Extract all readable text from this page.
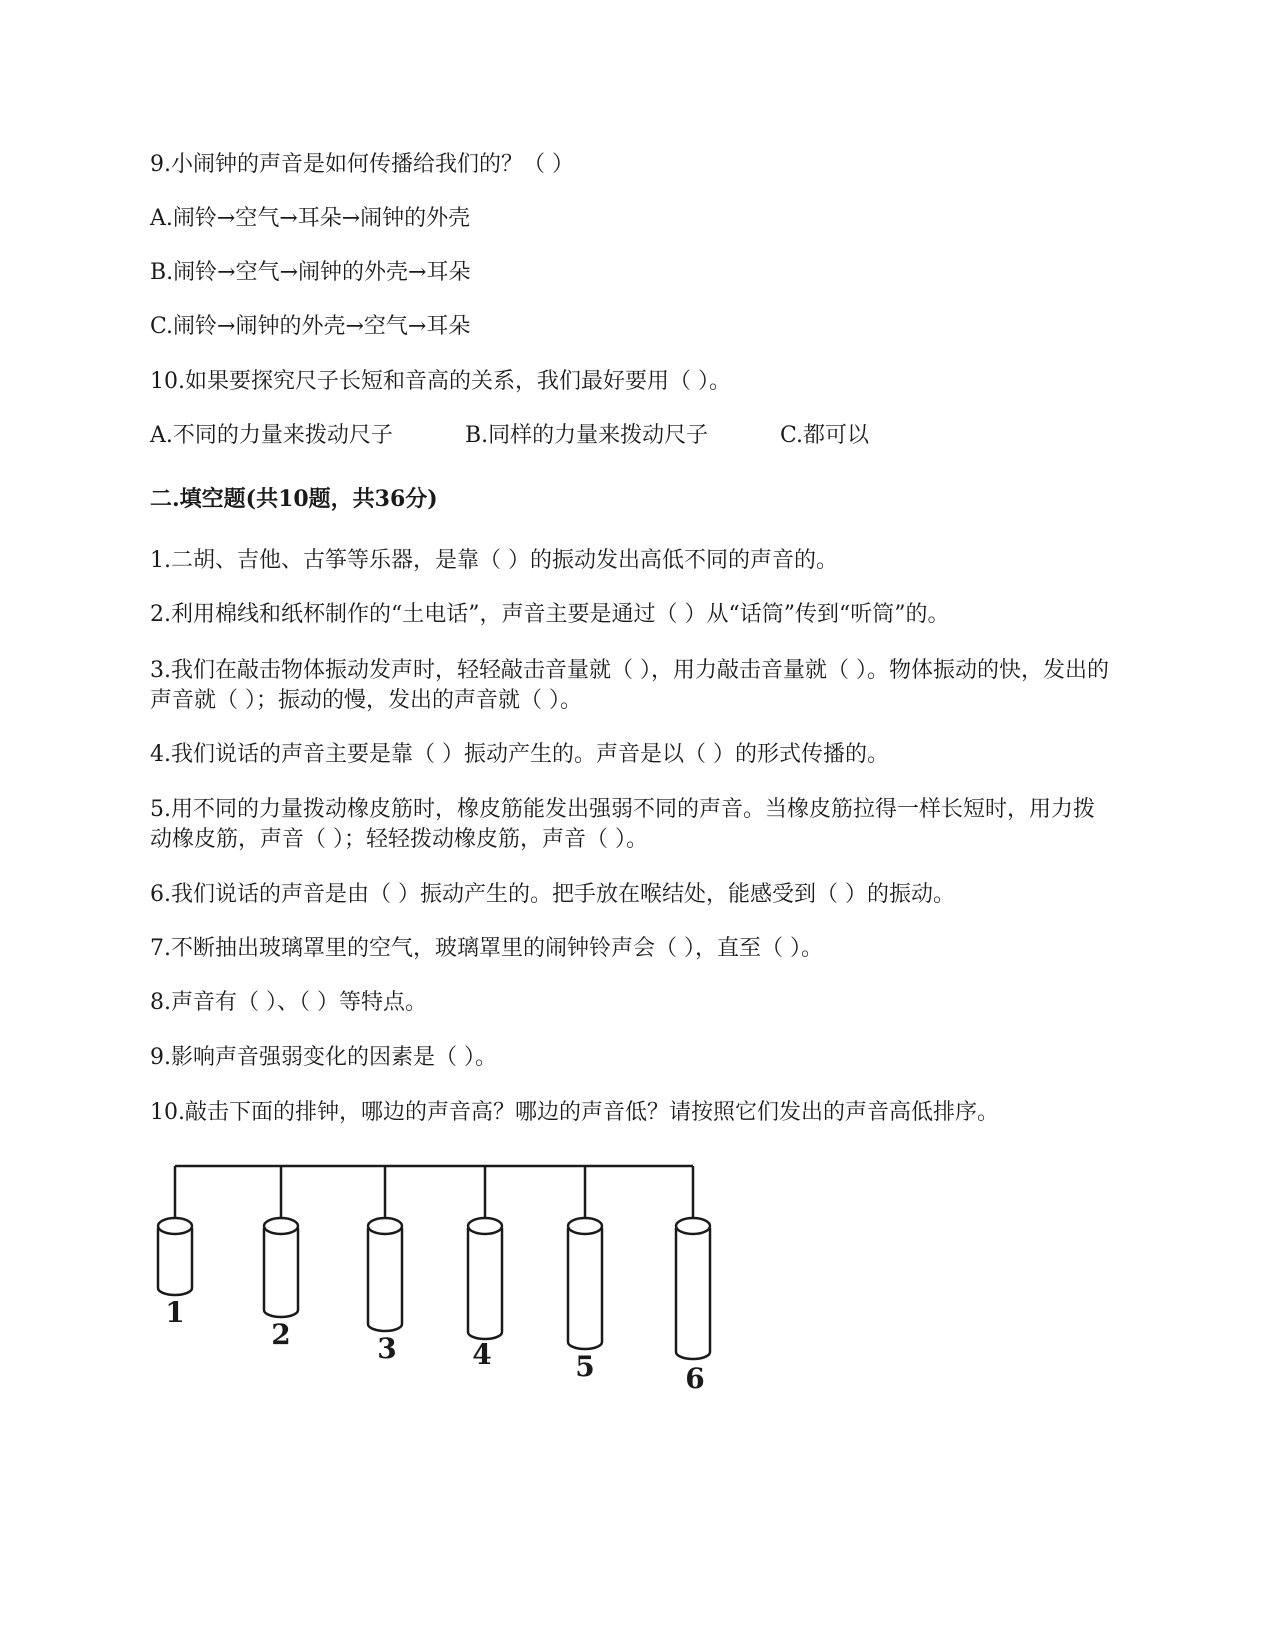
9.小闹钟的声音是如何传播给我们的？（ ）
A.闹铃→空气→耳朵→闹钟的外壳
B.闹铃→空气→闹钟的外壳→耳朵
C.闹铃→闹钟的外壳→空气→耳朵
10.如果要探究尺子长短和音高的关系，我们最好要用（ ）。
A.不同的力量来拨动尺子	B.同样的力量来拨动尺子	C.都可以
二.填空题(共10题，共36分)
1.二胡、吉他、古筝等乐器，是靠（ ）的振动发出高低不同的声音的。
2.利用棉线和纸杯制作的“土电话”，声音主要是通过（ ）从“话筒”传到“听筒”的。
3.我们在敲击物体振动发声时，轻轻敲击音量就（ ），用力敲击音量就（ ）。物体振动的快，发出的声音就（ ）；振动的慢，发出的声音就（ ）。
4.我们说话的声音主要是靠（ ）振动产生的。声音是以（ ）的形式传播的。
5.用不同的力量拨动橡皮筋时，橡皮筋能发出强弱不同的声音。当橡皮筋拉得一样长短时，用力拨动橡皮筋，声音（ ）；轻轻拨动橡皮筋，声音（ ）。
6.我们说话的声音是由（ ）振动产生的。把手放在喉结处，能感受到（ ）的振动。
7.不断抽出玻璃罩里的空气，玻璃罩里的闹钟铃声会（ ），直至（ ）。
8.声音有（ ）、（ ）等特点。
9.影响声音强弱变化的因素是（ ）。
10.敲击下面的排钟，哪边的声音高？哪边的声音低？请按照它们发出的声音高低排序。
1
2	3	4	5	6
